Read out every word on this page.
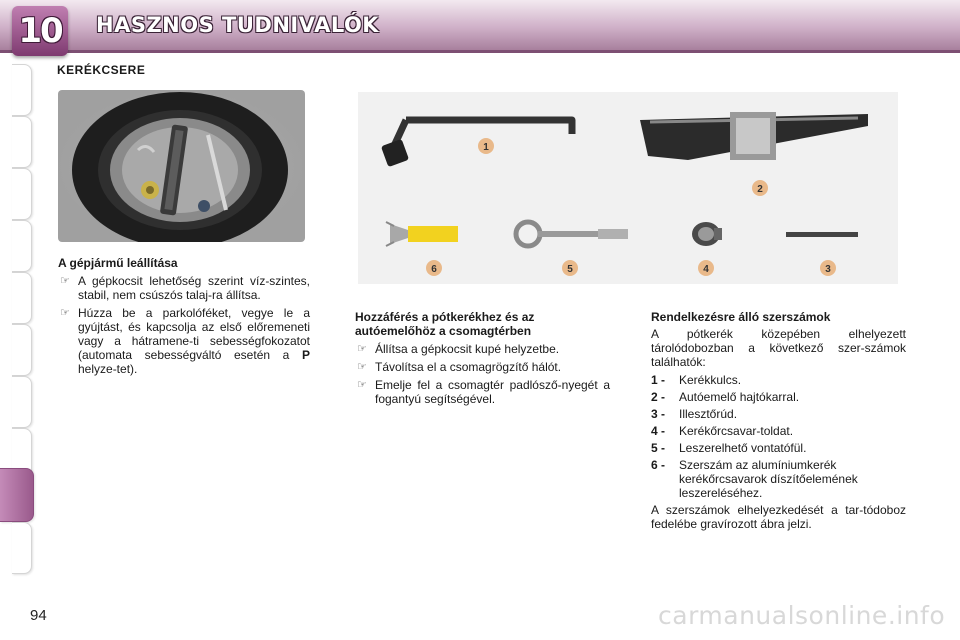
10 HASZNOS TUDNIVALÓK
KERÉKCSERE
1
2
3
4
5
6
A gépjármű leállítása
☞ A gépkocsit lehetőség szerint víz-szintes, stabil, nem csúszós talaj-ra állítsa.
☞ Húzza be a parkolóféket, vegye le a gyújtást, és kapcsolja az első előremeneti vagy a hátramene-ti sebességfokozatot (automata sebességváltó esetén a P helyze-tet).
Hozzáférés a pótkerékhez és az autóemelőhöz a csomagtérben
☞ Állítsa a gépkocsit kupé helyzetbe.
☞ Távolítsa el a csomagrögzítő hálót.
☞ Emelje fel a csomagtér padlósző-nyegét a fogantyú segítségével.
Rendelkezésre álló szerszámok

A pótkerék közepében elhelyezett tárolódobozban a következő szer-számok találhatók:

1 -	Kerékkulcs.
2 -	Autóemelő hajtókarral.
3 -	Illesztőrúd.
4 -	Kerékőrcsavar-toldat.
5 -	Leszerelhető vontatófül.
6 -	Szerszám az alumíniumkerék kerékőrcsavarok díszítőelemének leszereléséhez.

A szerszámok elhelyezkedését a tar-tódoboz fedelébe gravírozott ábra jelzi.

94	carmanualsonline.info
